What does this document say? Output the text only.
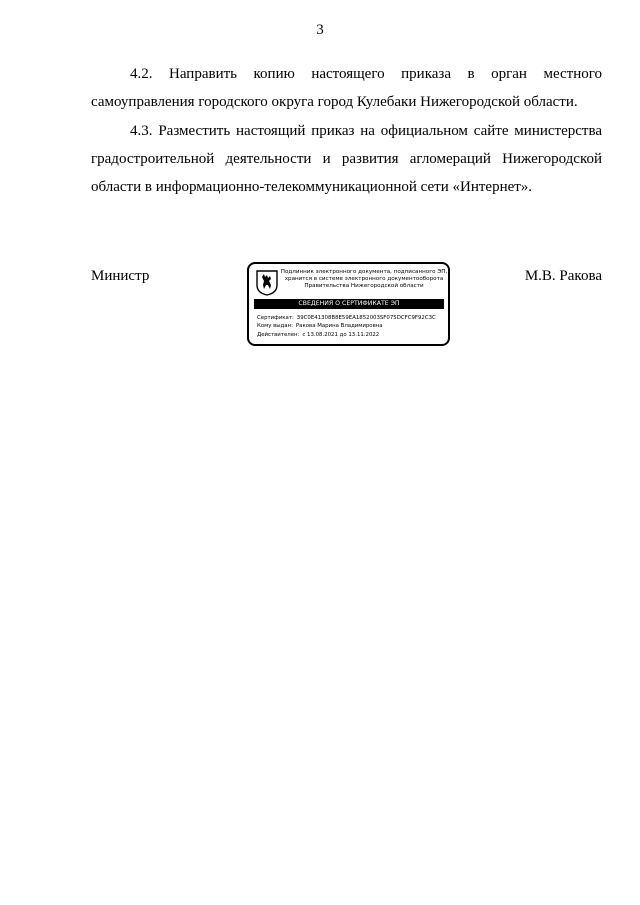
3

4.2. Направить копию настоящего приказа в орган местного самоуправления городского округа город Кулебаки Нижегородской области.

4.3. Разместить настоящий приказ на официальном сайте министерства градостроительной деятельности и развития агломераций Нижегородской области в информационно-телекоммуникационной сети «Интернет».

Министр	М.В. Ракова
Подлинник электронного документа, подписанного ЭП,
хранится в системе электронного документооборота
Правительства Нижегородской области
СВЕДЕНИЯ О СЕРТИФИКАТЕ ЭП
Сертификат: 39C0E41308B8E59EA1852003SF075DCFC9F92C3C
Кому выдан: Ракова Марина Владимировна
Действителен: с 13.08.2021 до 13.11.2022
